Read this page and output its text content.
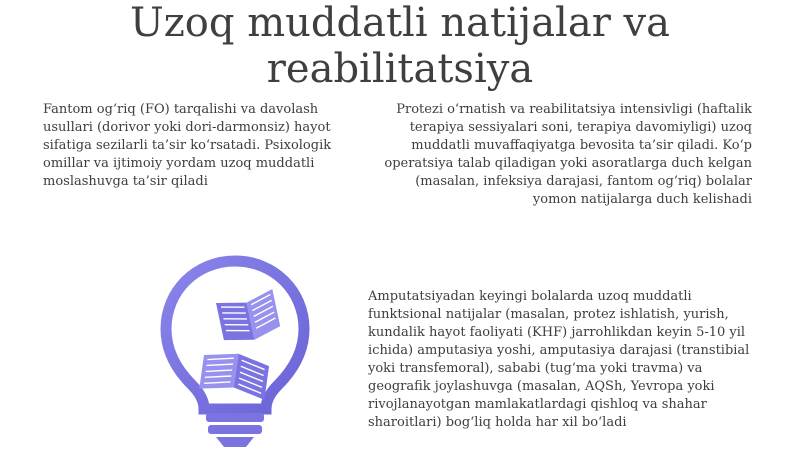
Uzoq muddatli natijalar va reabilitatsiya

Fantom og‘riq (FO) tarqalishi va davolash usullari (dorivor yoki dori-darmonsiz) hayot sifatiga sezilarli ta’sir ko‘rsatadi. Psixologik omillar va ijtimoiy yordam uzoq muddatli moslashuvga ta’sir qiladi

Protezi o‘rnatish va reabilitatsiya intensivligi (haftalik terapiya sessiyalari soni, terapiya davomiyligi) uzoq muddatli muvaffaqiyatga bevosita ta’sir qiladi. Ko‘p operatsiya talab qiladigan yoki asoratlarga duch kelgan (masalan, infeksiya darajasi, fantom og‘riq) bolalar yomon natijalarga duch kelishadi

Amputatsiyadan keyingi bolalarda uzoq muddatli funktsional natijalar (masalan, protez ishlatish, yurish, kundalik hayot faoliyati (KHF) jarrohlikdan keyin 5-10 yil ichida) amputasiya yoshi, amputasiya darajasi (transtibial yoki transfemoral), sababi (tug‘ma yoki travma) va geografik joylashuvga (masalan, AQSh, Yevropa yoki rivojlanayotgan mamlakatlardagi qishloq va shahar sharoitlari) bog‘liq holda har xil bo‘ladi
